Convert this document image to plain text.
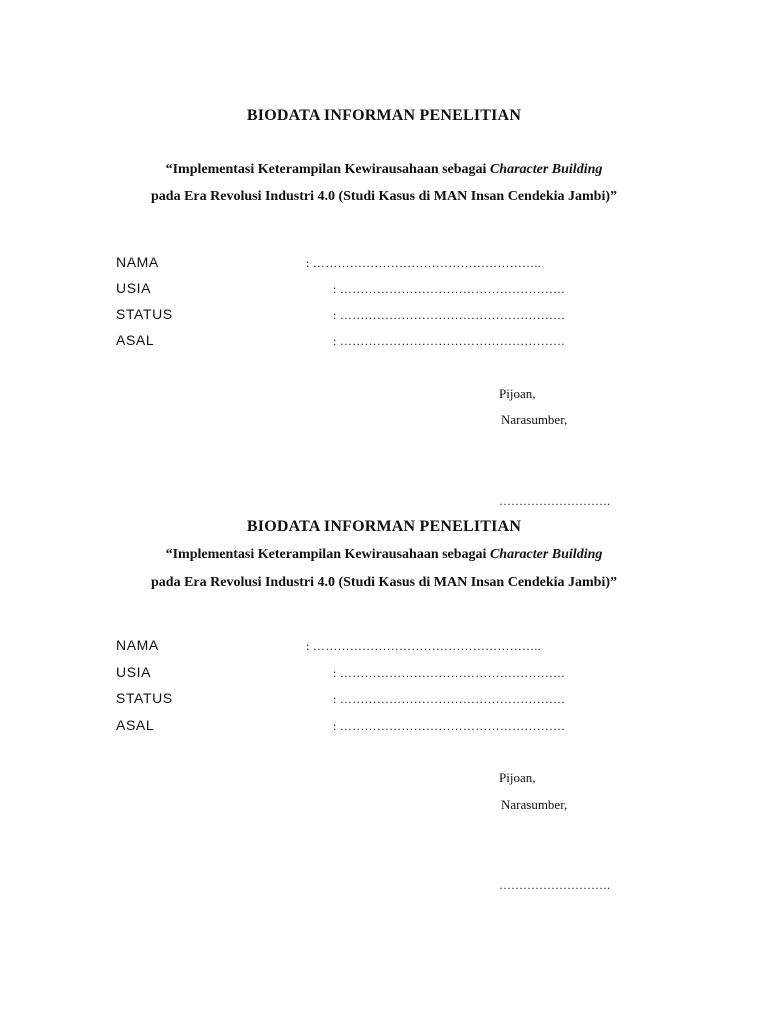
BIODATA INFORMAN PENELITIAN
“Implementasi Keterampilan Kewirausahaan sebagai Character Building
pada Era Revolusi Industri 4.0 (Studi Kasus di MAN Insan Cendekia Jambi)”
NAMA	: ………………………………………………..
USIA	: ……………………………………………….
STATUS	: ……………………………………………….
ASAL	: ……………………………………………….
Pijoan,
Narasumber,
……………………….
BIODATA INFORMAN PENELITIAN
“Implementasi Keterampilan Kewirausahaan sebagai Character Building
pada Era Revolusi Industri 4.0 (Studi Kasus di MAN Insan Cendekia Jambi)”
NAMA	: ………………………………………………..
USIA	: ……………………………………………….
STATUS	: ……………………………………………….
ASAL	: ……………………………………………….
Pijoan,
Narasumber,
……………………….
